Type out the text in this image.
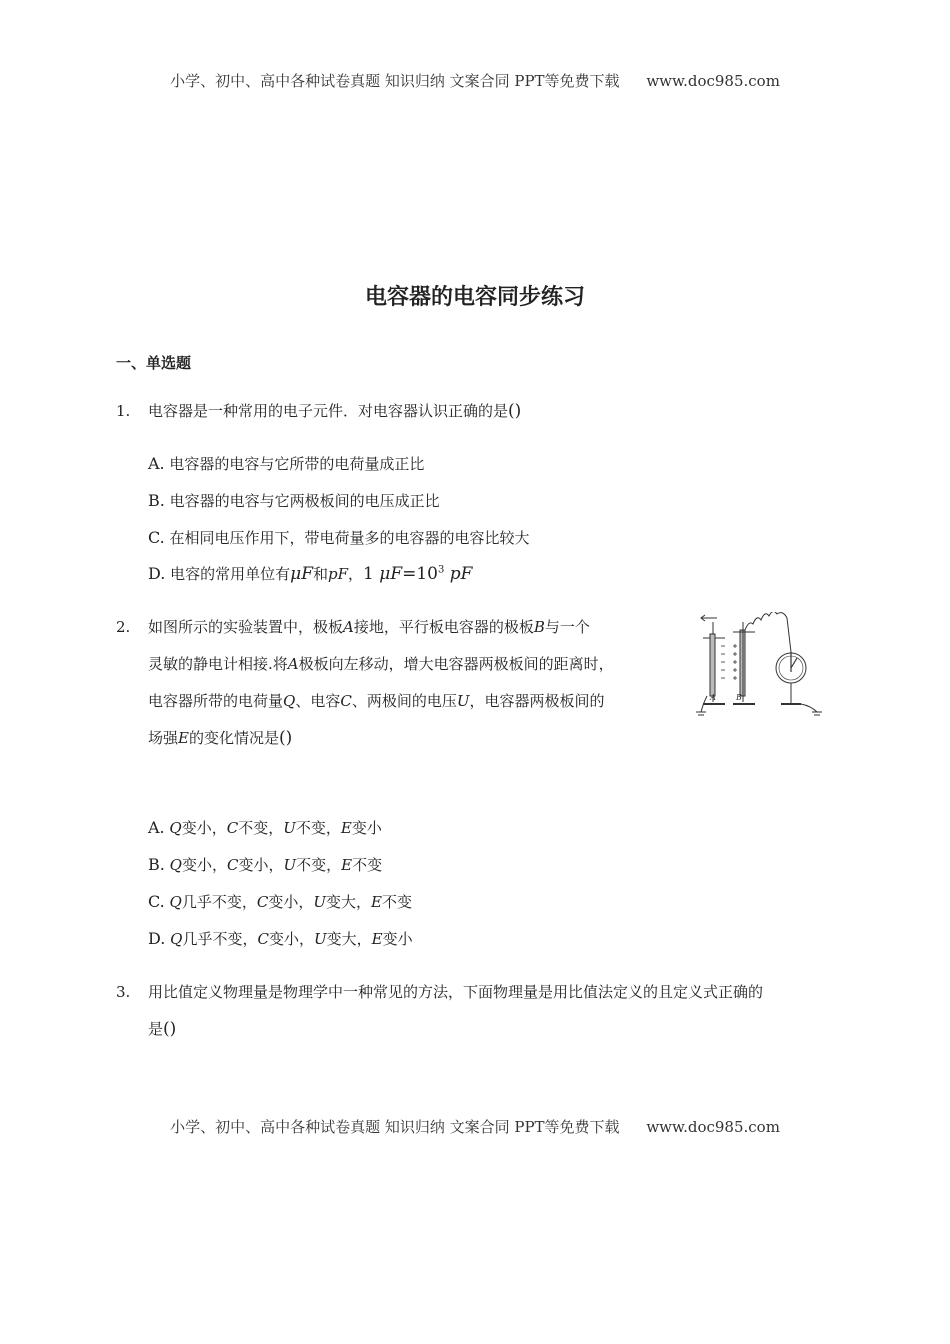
小学、初中、高中各种试卷真题 知识归纳 文案合同 PPT等免费下载 www.doc985.com
电容器的电容同步练习
一、单选题
1. 电容器是一种常用的电子元件．对电容器认识正确的是()
A. 电容器的电容与它所带的电荷量成正比
B. 电容器的电容与它两极板间的电压成正比
C. 在相同电压作用下，带电荷量多的电容器的电容比较大
D. 电容的常用单位有μF和pF，1 $\mu F=10^3$ pF
2. 如图所示的实验装置中，极板A接地，平行板电容器的极板B与一个
灵敏的静电计相接.将A极板向左移动，增大电容器两极板间的距离时，
电容器所带的电荷量Q、电容C、两极间的电压U，电容器两极板间的
场强E的变化情况是()
A	B
A. Q变小，C不变，U不变，E变小
B. Q变小，C变小，U不变，E不变
C. Q几乎不变，C变小，U变大，E不变
D. Q几乎不变，C变小，U变大，E变小
3. 用比值定义物理量是物理学中一种常见的方法，下面物理量是用比值法定义的且定义式正确的
是()
小学、初中、高中各种试卷真题 知识归纳 文案合同 PPT等免费下载 www.doc985.com
